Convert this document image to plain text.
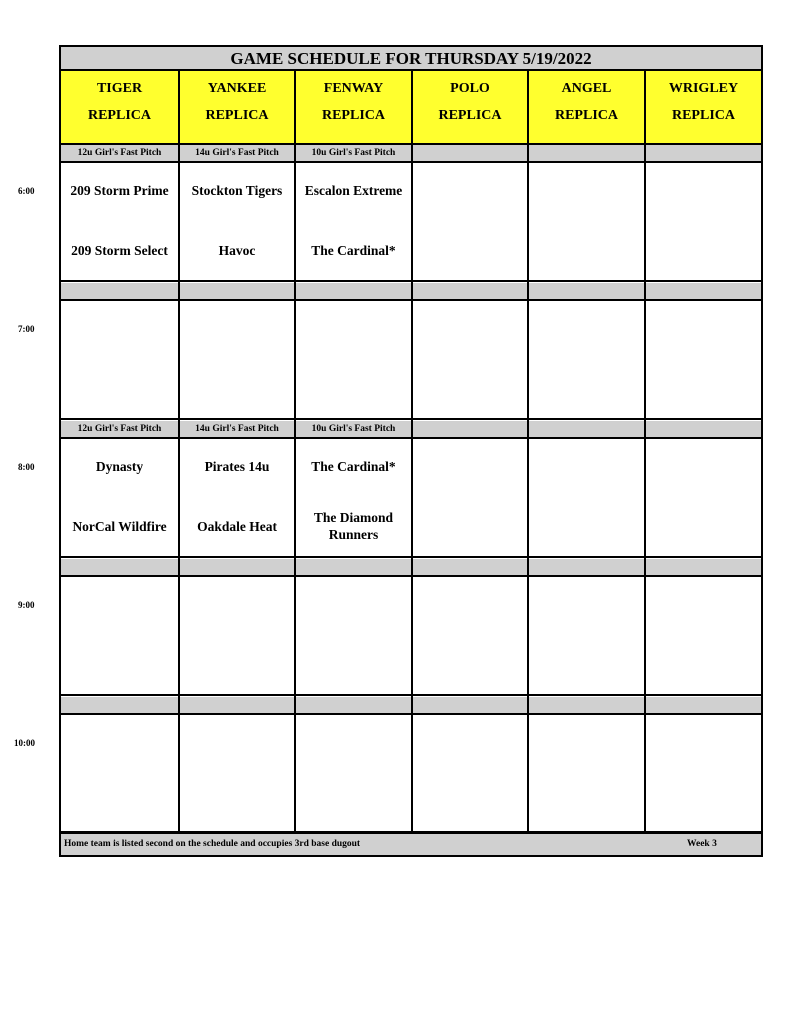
GAME SCHEDULE FOR THURSDAY 5/19/2022
Home team is listed second on the schedule and occupies 3rd base dugout	Week 3
TIGER
REPLICA
YANKEE
REPLICA
FENWAY
REPLICA
POLO
REPLICA
ANGEL
REPLICA
WRIGLEY
REPLICA
12u Girl's Fast Pitch
209 Storm Prime
209 Storm Select
14u Girl's Fast Pitch
Stockton Tigers
Havoc
10u Girl's Fast Pitch
Escalon Extreme
The Cardinal*
12u Girl's Fast Pitch
Dynasty
NorCal Wildfire
14u Girl's Fast Pitch
Pirates 14u
Oakdale Heat
10u Girl's Fast Pitch
The Cardinal*
The Diamond Runners
6:00
7:00
8:00
9:00
10:00
